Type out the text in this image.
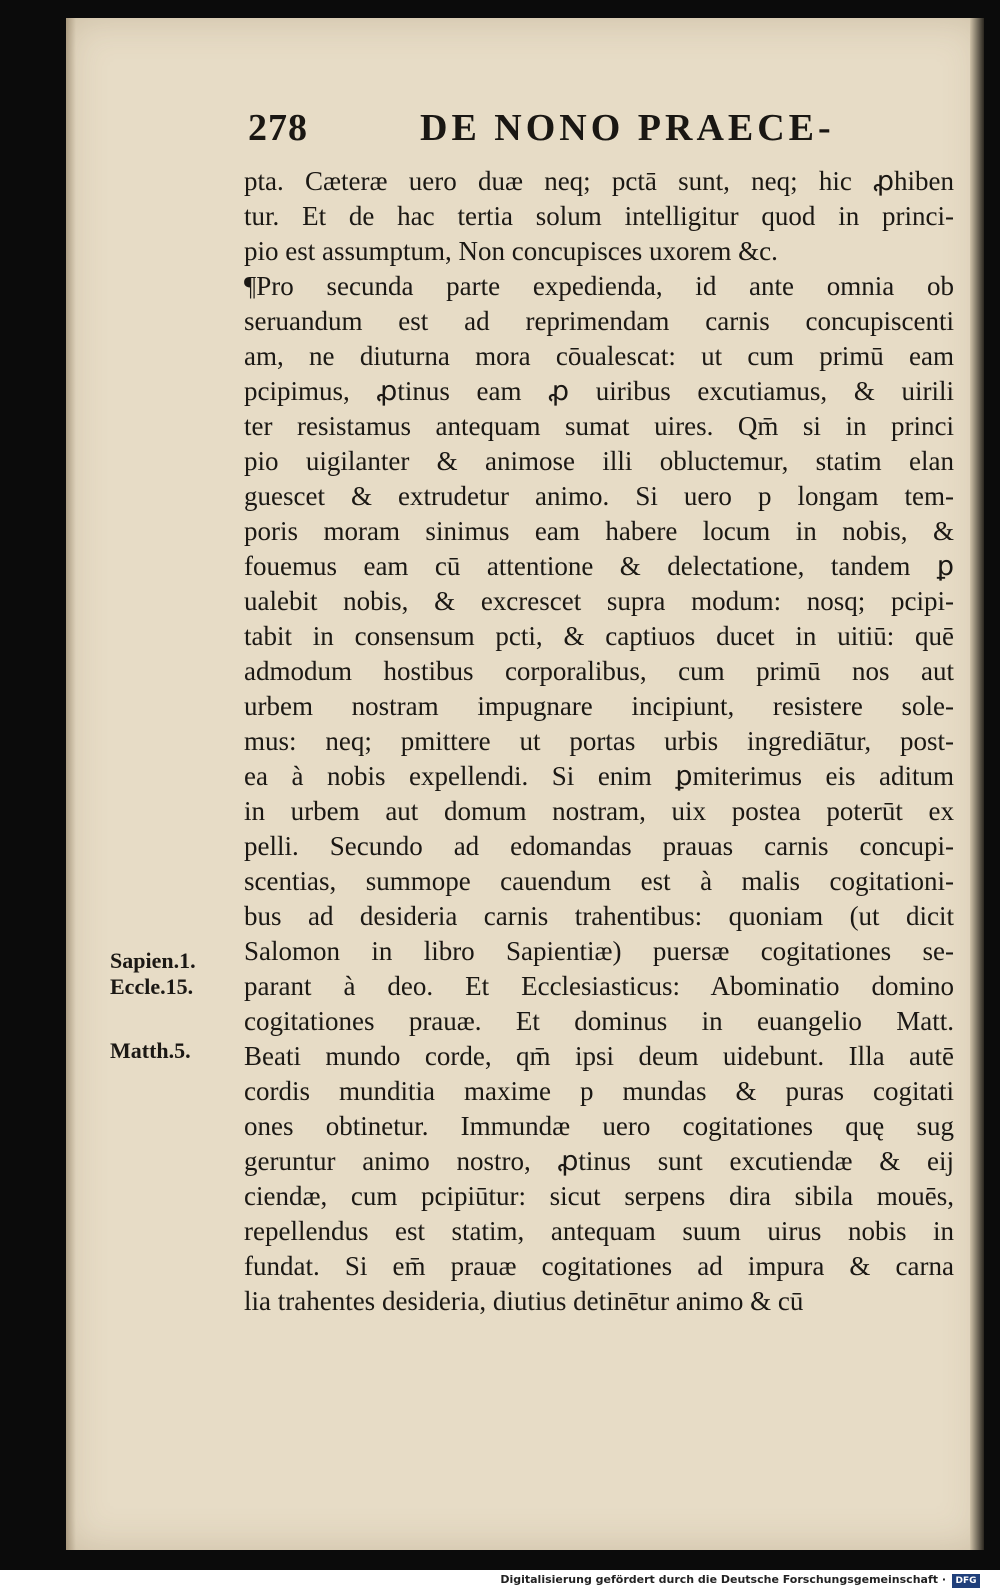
278	DE NONO PRAECE-
pta. Cæteræ uero duæ neq; pctā sunt, neq; hic ꝓhiben
tur. Et de hac tertia solum intelligitur quod in princi-
pio est assumptum, Non concupisces uxorem &c.
¶Pro secunda parte expedienda, id ante omnia ob
seruandum est ad reprimendam carnis concupiscenti
am, ne diuturna mora cōualescat: ut cum primū eam
pcipimus, ꝓtinus eam ꝓ uiribus excutiamus, & uirili
ter resistamus antequam sumat uires. Qm̄ si in princi
pio uigilanter & animose illi obluctemur, statim elan
guescet & extrudetur animo. Si uero p longam tem-
poris moram sinimus eam habere locum in nobis, &
fouemus eam cū attentione & delectatione, tandem ꝑ
ualebit nobis, & excrescet supra modum: nosq; pcipi-
tabit in consensum pcti, & captiuos ducet in uitiū: quē
admodum hostibus corporalibus, cum primū nos aut
urbem nostram impugnare incipiunt, resistere sole-
mus: neq; pmittere ut portas urbis ingrediātur, post-
ea à nobis expellendi. Si enim ꝑmiterimus eis aditum
in urbem aut domum nostram, uix postea poterūt ex
pelli. Secundo ad edomandas prauas carnis concupi-
scentias, summope cauendum est à malis cogitationi-
bus ad desideria carnis trahentibus: quoniam (ut dicit
Salomon in libro Sapientiæ) puersæ cogitationes se-
parant à deo. Et Ecclesiasticus: Abominatio domino
cogitationes prauæ. Et dominus in euangelio Matt.
Beati mundo corde, qm̄ ipsi deum uidebunt. Illa autē
cordis munditia maxime p mundas & puras cogitati
ones obtinetur. Immundæ uero cogitationes quę sug
geruntur animo nostro, ꝓtinus sunt excutiendæ & eij
ciendæ, cum pcipiūtur: sicut serpens dira sibila mouēs,
repellendus est statim, antequam suum uirus nobis in
fundat. Si em̄ prauæ cogitationes ad impura & carna
lia trahentes desideria, diutius detinētur animo & cū
Sapien.1.
Eccle.15.
Matth.5.
Digitalisierung gefördert durch die Deutsche Forschungsgemeinschaft ·	DFG
